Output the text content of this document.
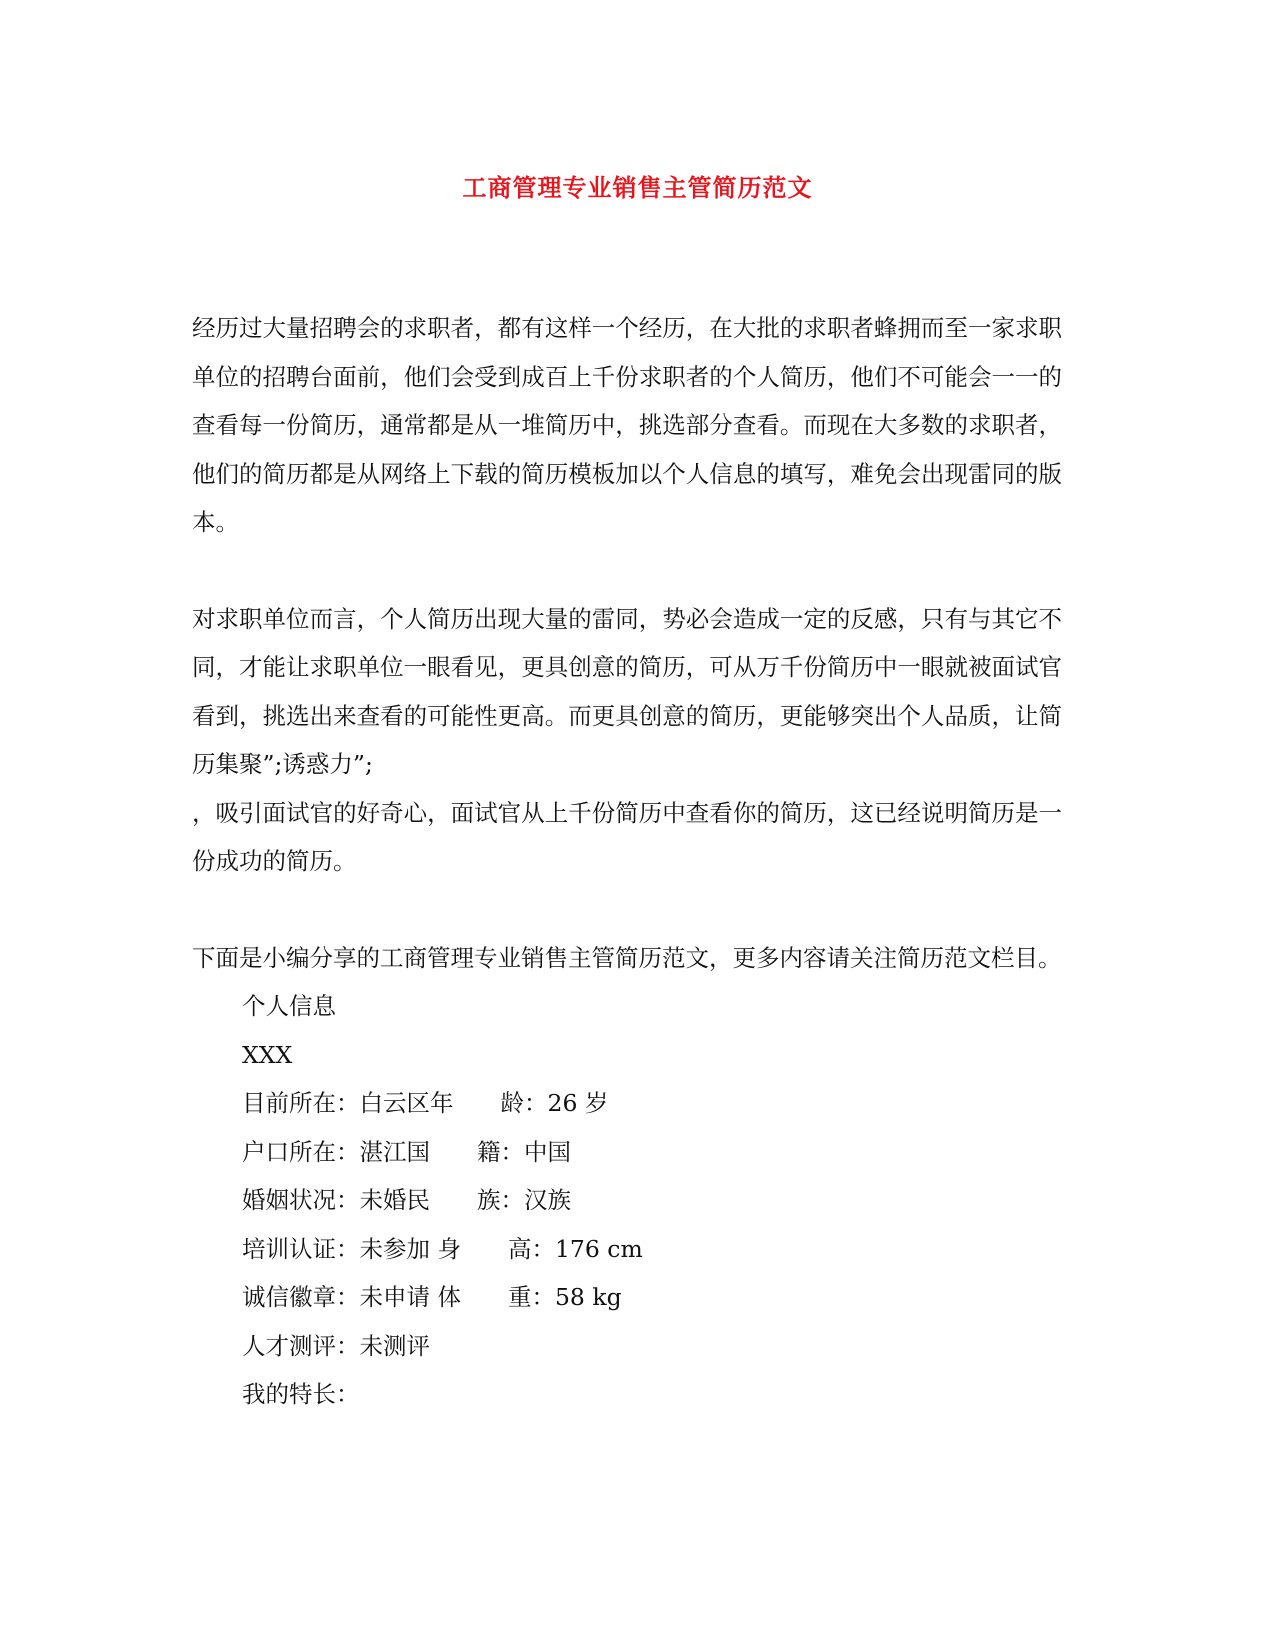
工商管理专业销售主管简历范文

经历过大量招聘会的求职者，都有这样一个经历，在大批的求职者蜂拥而至一家求职单位的招聘台面前，他们会受到成百上千份求职者的个人简历，他们不可能会一一的查看每一份简历，通常都是从一堆简历中，挑选部分查看。而现在大多数的求职者，他们的简历都是从网络上下载的简历模板加以个人信息的填写，难免会出现雷同的版本。

对求职单位而言，个人简历出现大量的雷同，势必会造成一定的反感，只有与其它不同，才能让求职单位一眼看见，更具创意的简历，可从万千份简历中一眼就被面试官看到，挑选出来查看的可能性更高。而更具创意的简历，更能够突出个人品质，让简历集聚”;诱惑力”;

，吸引面试官的好奇心，面试官从上千份简历中查看你的简历，这已经说明简历是一份成功的简历。

下面是小编分享的工商管理专业销售主管简历范文，更多内容请关注简历范文栏目。

个人信息

XXX

目前所在：白云区年　　龄：26 岁

户口所在：湛江国　　籍：中国

婚姻状况：未婚民　　族：汉族

培训认证：未参加 身　　高：176 cm

诚信徽章：未申请 体　　重：58 kg

人才测评：未测评

我的特长：
